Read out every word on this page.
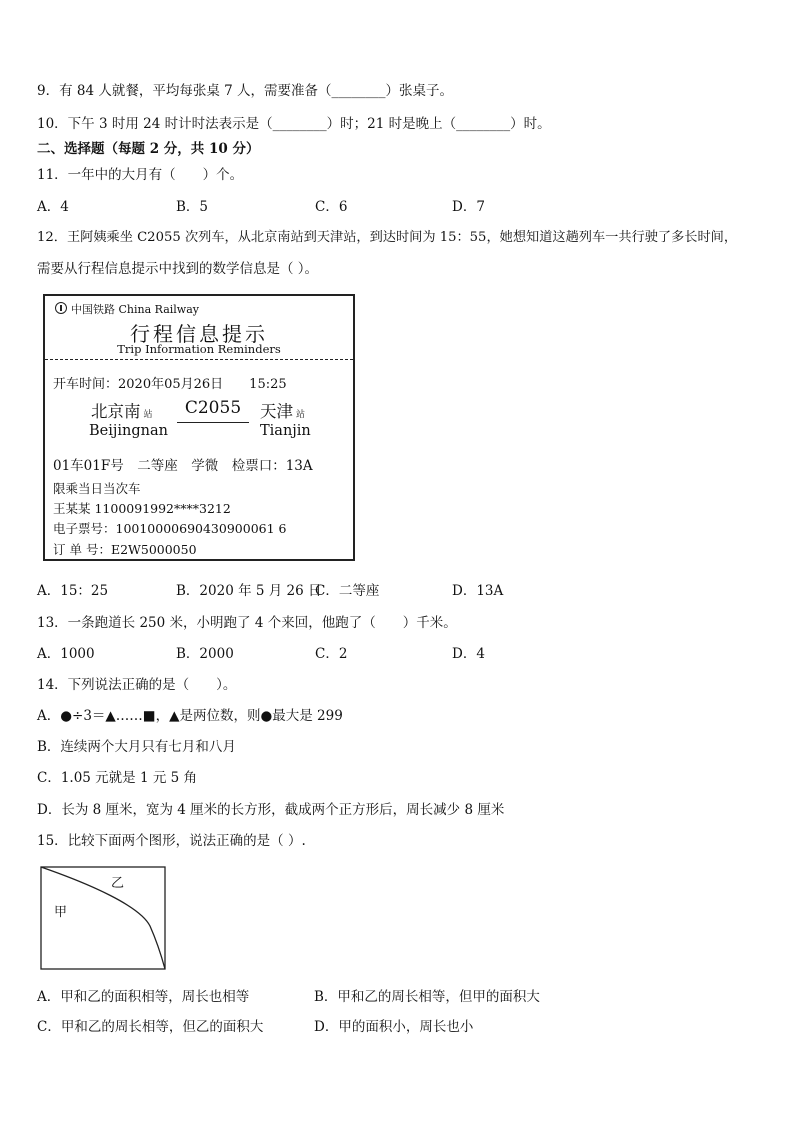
9．有 84 人就餐，平均每张桌 7 人，需要准备（________）张桌子。
10．下午 3 时用 24 时计时法表示是（________）时；21 时是晚上（________）时。
二、选择题（每题 2 分，共 10 分）
11．一年中的大月有（　　）个。
A．4	B．5	C．6	D．7
12．王阿姨乘坐 C2055 次列车，从北京南站到天津站，到达时间为 15：55，她想知道这趟列车一共行驶了多长时间，
需要从行程信息提示中找到的数学信息是（ ）。
中国铁路 China Railway
行程信息提示
Trip Information Reminders
开车时间：2020年05月26日　　15:25
北京南 站
Beijingnan
C2055	天津 站
Tianjin
01车01F号　二等座　学微　检票口：13A
限乘当日当次车
王某某 1100091992****3212
电子票号：10010000690430900061 6
订 单 号：E2W5000050
A．15：25	B．2020 年 5 月 26 日
C．二等座	D．13A
13．一条跑道长 250 米，小明跑了 4 个来回，他跑了（　　）千米。
A．1000	B．2000	C．2	D．4
14．下列说法正确的是（　　）。
A．●÷3＝▲……■，▲是两位数，则●最大是 299
B．连续两个大月只有七月和八月
C．1.05 元就是 1 元 5 角
D．长为 8 厘米，宽为 4 厘米的长方形，截成两个正方形后，周长减少 8 厘米
15．比较下面两个图形，说法正确的是（ ）.
甲
乙
A．甲和乙的面积相等，周长也相等	B．甲和乙的周长相等，但甲的面积大
C．甲和乙的周长相等，但乙的面积大	D．甲的面积小，周长也小
